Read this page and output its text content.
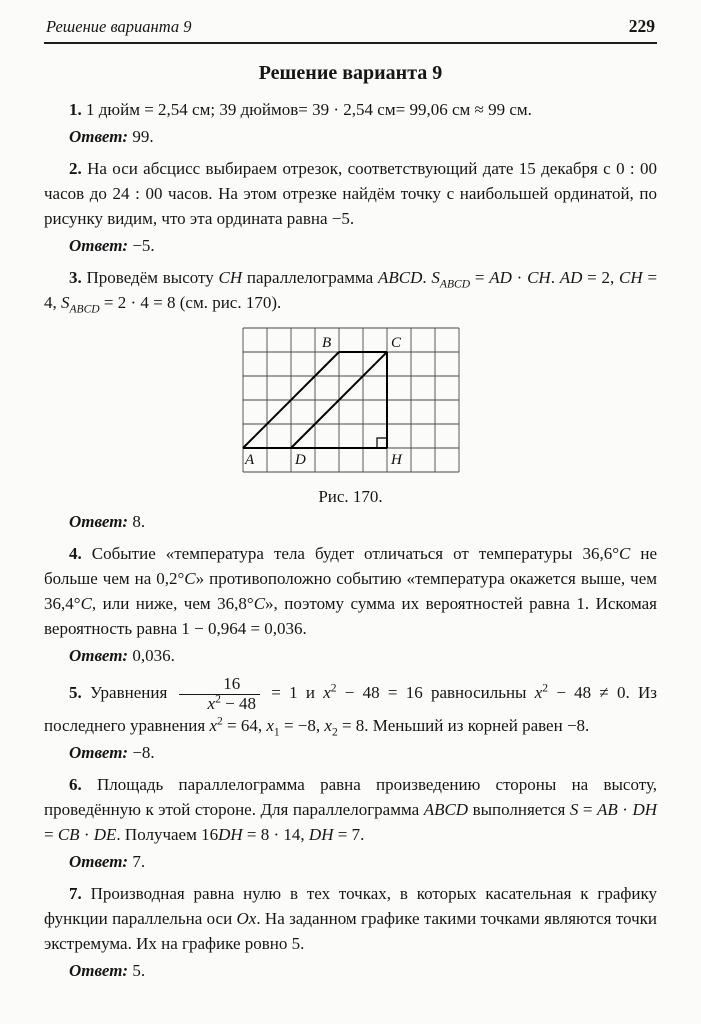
Решение варианта 9	229
Решение варианта 9

1. 1 дюйм = 2,54 см; 39 дюймов= 39 · 2,54 см= 99,06 см ≈ 99 см.

Ответ: 99.

2. На оси абсцисс выбираем отрезок, соответствующий дате 15 декабря с 0 : 00 часов до 24 : 00 часов. На этом отрезке найдём точку с наибольшей ординатой, по рисунку видим, что эта ордината равна −5.

Ответ: −5.

3. Проведём высоту CH параллелограмма ABCD. $S_{ABCD}$ = AD · CH. AD = 2, CH = 4, $S_{ABCD} = 2 \cdot 4 = 8$ (см. рис. 170).

A
B	C
D	H
Рис. 170.

Ответ: 8.

4. Событие «температура тела будет отличаться от температуры 36,6°C не больше чем на 0,2°C» противоположно событию «температура окажется выше, чем 36,4°C, или ниже, чем 36,8°C», поэтому сумма их вероятностей равна 1. Искомая вероятность равна 1 − 0,964 = 0,036.

Ответ: 0,036.

5. Уравнения $\frac{16}{x^2 - 48} = 1$ и $x^2 - 48 = 16$ равносильны $x^2 - 48 \ne 0$. Из последнего уравнения $x^2 = 64$, $x_1 = -8$, $x_2 = 8$. Меньший из корней равен −8.

Ответ: −8.

6. Площадь параллелограмма равна произведению стороны на высоту, проведённую к этой стороне. Для параллелограмма ABCD выполняется S = AB · DH = CB · DE. Получаем 16DH = 8 · 14, DH = 7.

Ответ: 7.

7. Производная равна нулю в тех точках, в которых касательная к графику функции параллельна оси Ox. На заданном графике такими точками являются точки экстремума. Их на графике ровно 5.

Ответ: 5.
